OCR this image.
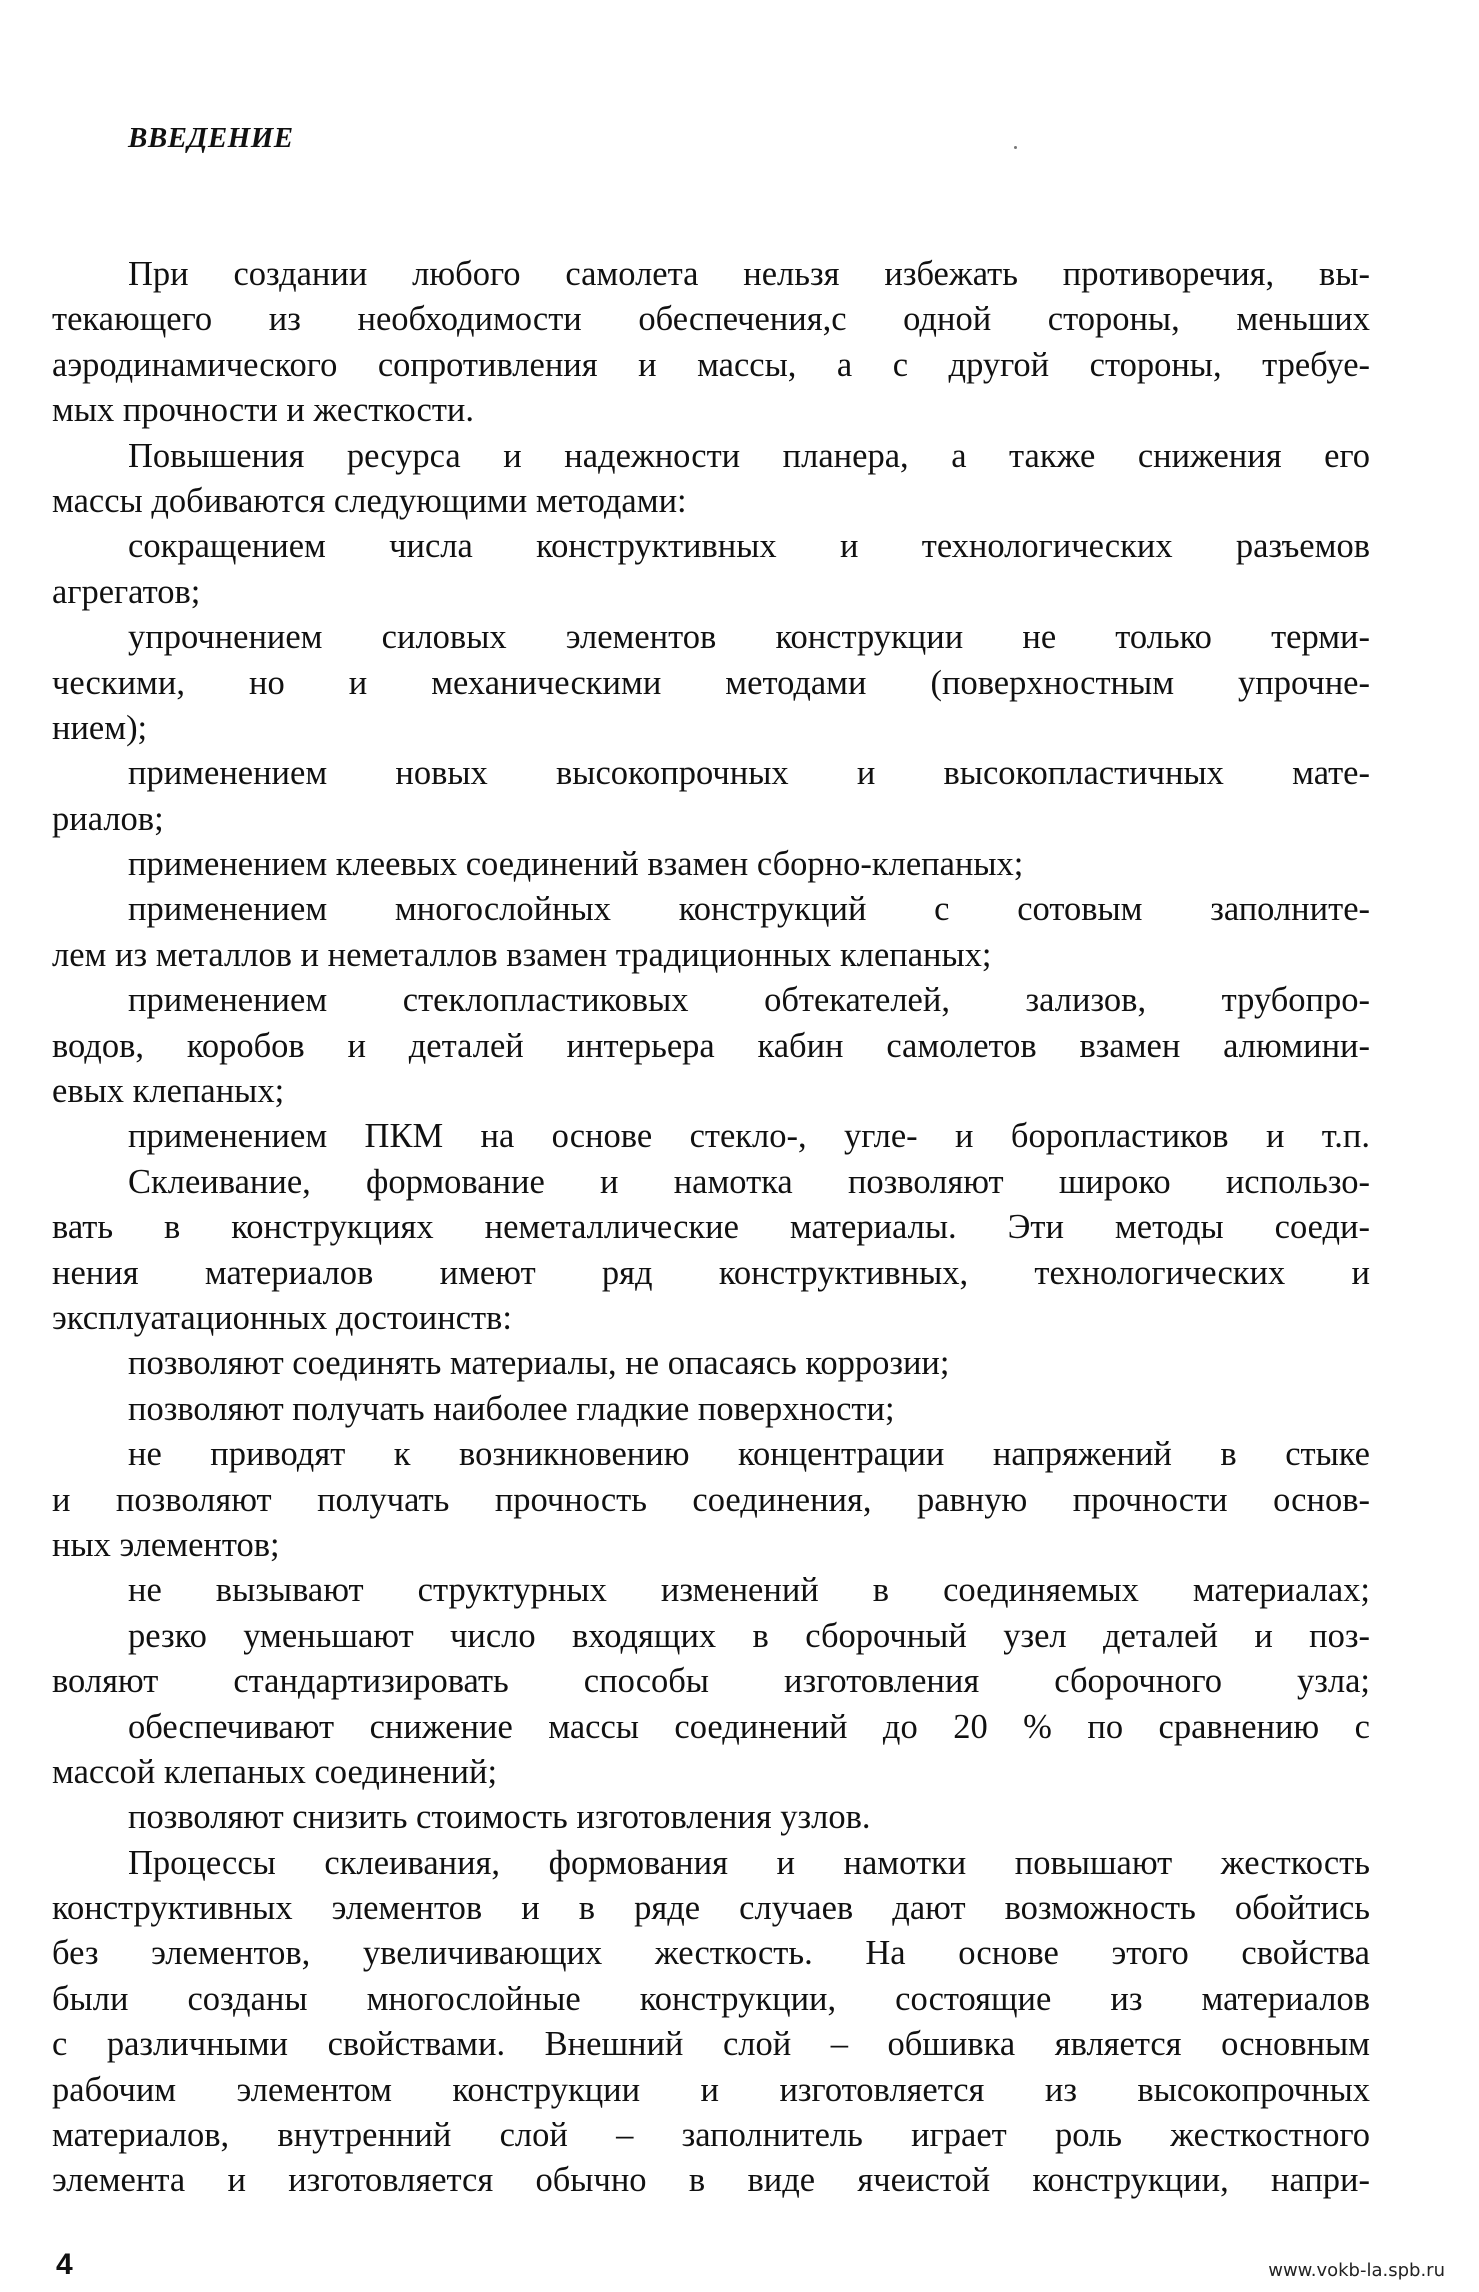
ВВЕДЕНИЕ
При создании любого самолета нельзя избежать противоречия, вы-
текающего из необходимости обеспечения,с одной стороны, меньших
аэродинамического сопротивления и массы, а с другой стороны, требуе-
мых прочности и жесткости.
Повышения ресурса и надежности планера, а также снижения его
массы добиваются следующими методами:
сокращением числа конструктивных и технологических разъемов
агрегатов;
упрочнением силовых элементов конструкции не только терми-
ческими, но и механическими методами (поверхностным упрочне-
нием);
применением новых высокопрочных и высокопластичных мате-
риалов;
применением клеевых соединений взамен сборно-клепаных;
применением многослойных конструкций с сотовым заполните-
лем из металлов и неметаллов взамен традиционных клепаных;
применением стеклопластиковых обтекателей, зализов, трубопро-
водов, коробов и деталей интерьера кабин самолетов взамен алюмини-
евых клепаных;
применением ПКМ на основе стекло-, угле- и боропластиков и т.п.
Склеивание, формование и намотка позволяют широко использо-
вать в конструкциях неметаллические материалы. Эти методы соеди-
нения материалов имеют ряд конструктивных, технологических и
эксплуатационных достоинств:
позволяют соединять материалы, не опасаясь коррозии;
позволяют получать наиболее гладкие поверхности;
не приводят к возникновению концентрации напряжений в стыке
и позволяют получать прочность соединения, равную прочности основ-
ных элементов;
не вызывают структурных изменений в соединяемых материалах;
резко уменьшают число входящих в сборочный узел деталей и поз-
воляют стандартизировать способы изготовления сборочного узла;
обеспечивают снижение массы соединений до 20 % по сравнению с
массой клепаных соединений;
позволяют снизить стоимость изготовления узлов.
Процессы склеивания, формования и намотки повышают жесткость
конструктивных элементов и в ряде случаев дают возможность обойтись
без элементов, увеличивающих жесткость. На основе этого свойства
были созданы многослойные конструкции, состоящие из материалов
с различными свойствами. Внешний слой – обшивка является основным
рабочим элементом конструкции и изготовляется из высокопрочных
материалов, внутренний слой – заполнитель играет роль жесткостного
элемента и изготовляется обычно в виде ячеистой конструкции, напри-
4	www.vokb-la.spb.ru
